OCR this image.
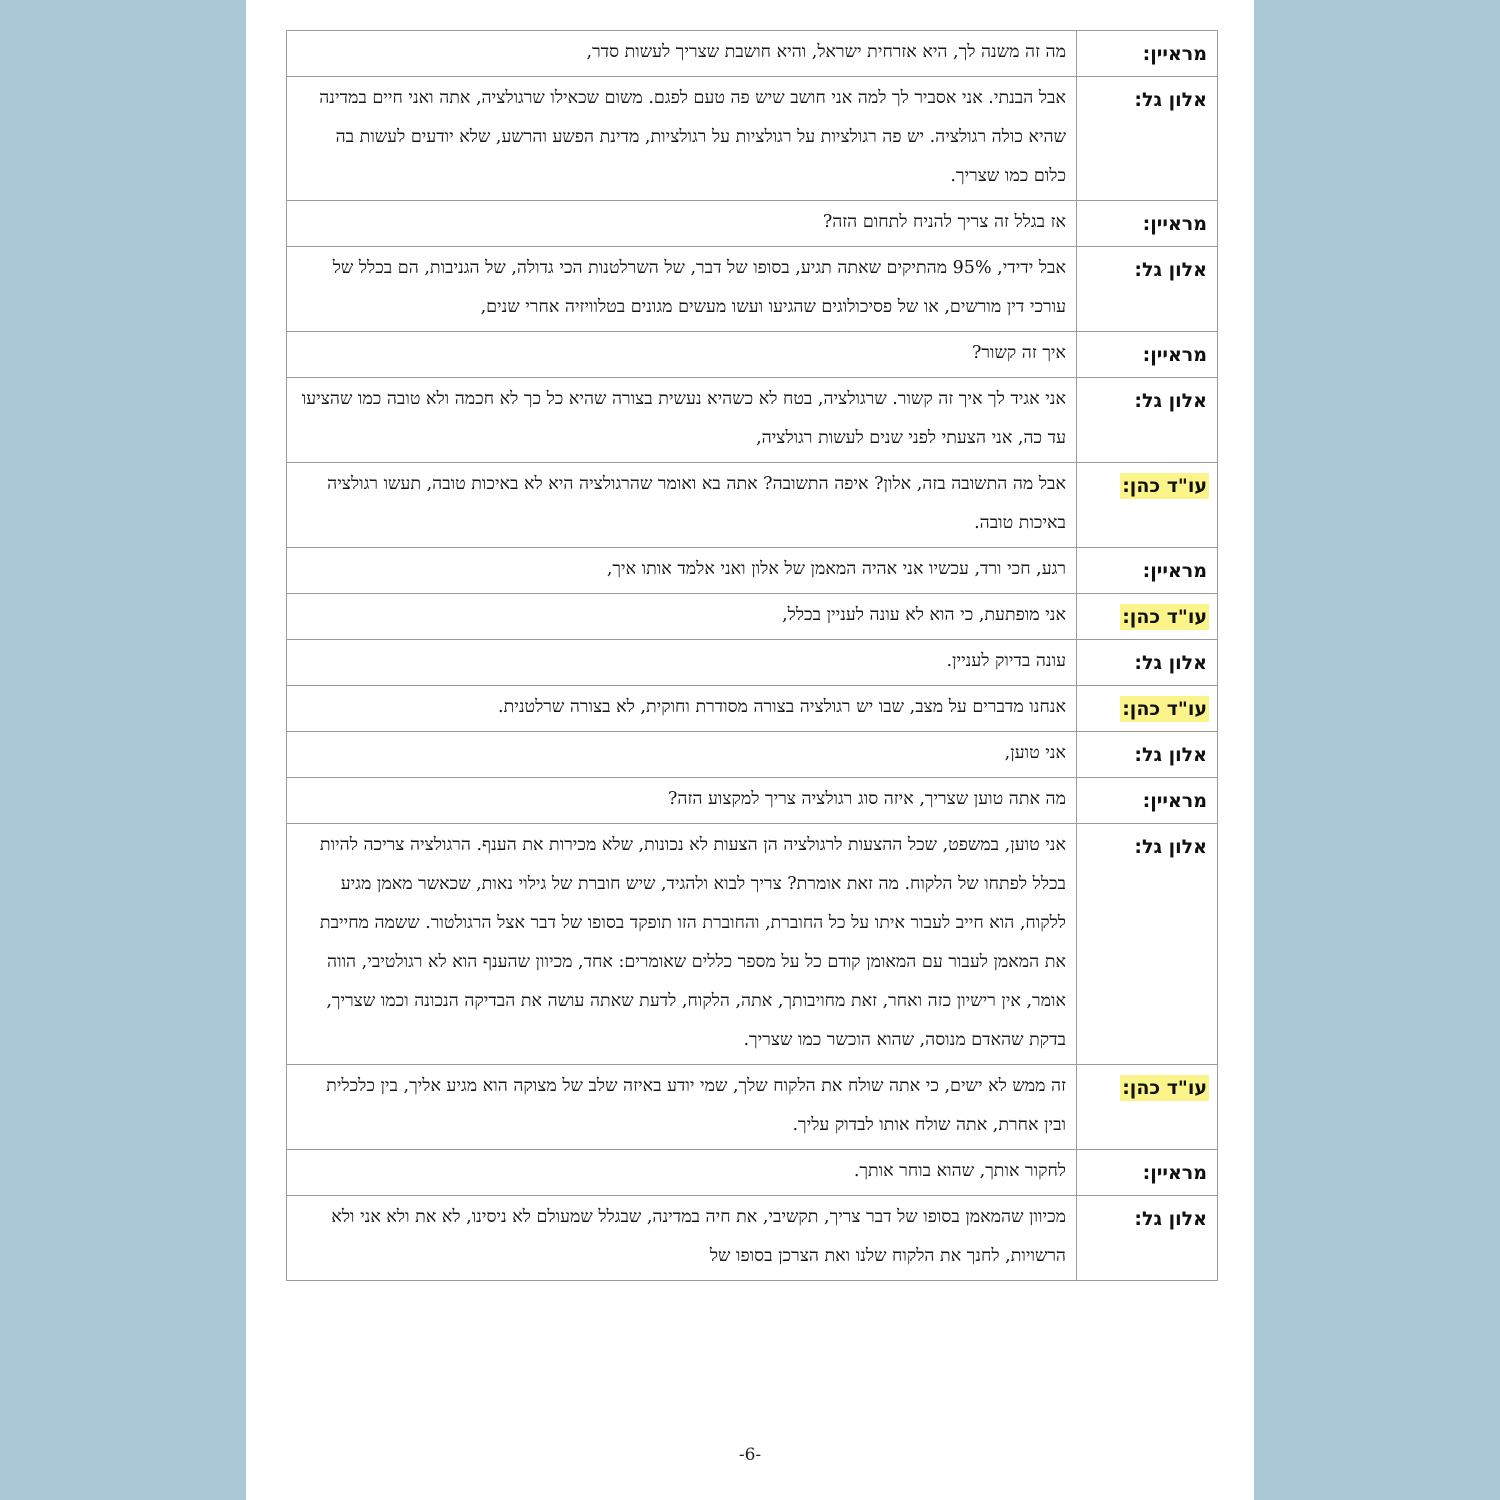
מראיין:	מה זה משנה לך, היא אזרחית ישראל, והיא חושבת שצריך לעשות סדר,

אלון גל:	אבל הבנתי. אני אסביר לך למה אני חושב שיש פה טעם לפגם. משום שכאילו שרגולציה, אתה ואני חיים במדינה שהיא כולה רגולציה. יש פה רגולציות על רגולציות על רגולציות, מדינת הפשע והרשע, שלא יודעים לעשות בה כלום כמו שצריך.

מראיין:	אז בגלל זה צריך להניח לתחום הזה?

אלון גל:	אבל ידידי, 95% מהתיקים שאתה תגיע, בסופו של דבר, של השרלטנות הכי גדולה, של הגניבות, הם בכלל של עורכי דין מורשים, או של פסיכולוגים שהגיעו ועשו מעשים מגונים בטלוויזיה אחרי שנים,

מראיין:	איך זה קשור?

אלון גל:	אני אגיד לך איך זה קשור. שרגולציה, בטח לא כשהיא נעשית בצורה שהיא כל כך לא חכמה ולא טובה כמו שהציעו עד כה, אני הצעתי לפני שנים לעשות רגולציה,

עו"ד כהן:	אבל מה התשובה בזה, אלון? איפה התשובה? אתה בא ואומר שהרגולציה היא לא באיכות טובה, תעשו רגולציה באיכות טובה.

מראיין:	רגע, חכי ורד, עכשיו אני אהיה המאמן של אלון ואני אלמד אותו איך,

עו"ד כהן:	אני מופתעת, כי הוא לא עונה לעניין בכלל,

אלון גל:	עונה בדיוק לעניין.

עו"ד כהן:	אנחנו מדברים על מצב, שבו יש רגולציה בצורה מסודרת וחוקית, לא בצורה שרלטנית.

אלון גל:	אני טוען,

מראיין:	מה אתה טוען שצריך, איזה סוג רגולציה צריך למקצוע הזה?

אלון גל:	אני טוען, במשפט, שכל ההצעות לרגולציה הן הצעות לא נכונות, שלא מכירות את הענף. הרגולציה צריכה להיות בכלל לפתחו של הלקוח. מה זאת אומרת? צריך לבוא ולהגיד, שיש חוברת של גילוי נאות, שכאשר מאמן מגיע ללקוח, הוא חייב לעבור איתו על כל החוברת, והחוברת הזו תופקד בסופו של דבר אצל הרגולטור. ששמה מחייבת את המאמן לעבור עם המאומן קודם כל על מספר כללים שאומרים: אחד, מכיוון שהענף הוא לא רגולטיבי, הווה אומר, אין רישיון כזה ואחר, זאת מחויבותך, אתה, הלקוח, לדעת שאתה עושה את הבדיקה הנכונה וכמו שצריך, בדקת שהאדם מנוסה, שהוא הוכשר כמו שצריך.

עו"ד כהן:	זה ממש לא ישים, כי אתה שולח את הלקוח שלך, שמי יודע באיזה שלב של מצוקה הוא מגיע אליך, בין כלכלית ובין אחרת, אתה שולח אותו לבדוק עליך.

מראיין:	לחקור אותך, שהוא בוחר אותך.

אלון גל:	מכיוון שהמאמן בסופו של דבר צריך, תקשיבי, את חיה במדינה, שבגלל שמעולם לא ניסינו, לא את ולא אני ולא הרשויות, לחנך את הלקוח שלנו ואת הצרכן בסופו של
-6-
